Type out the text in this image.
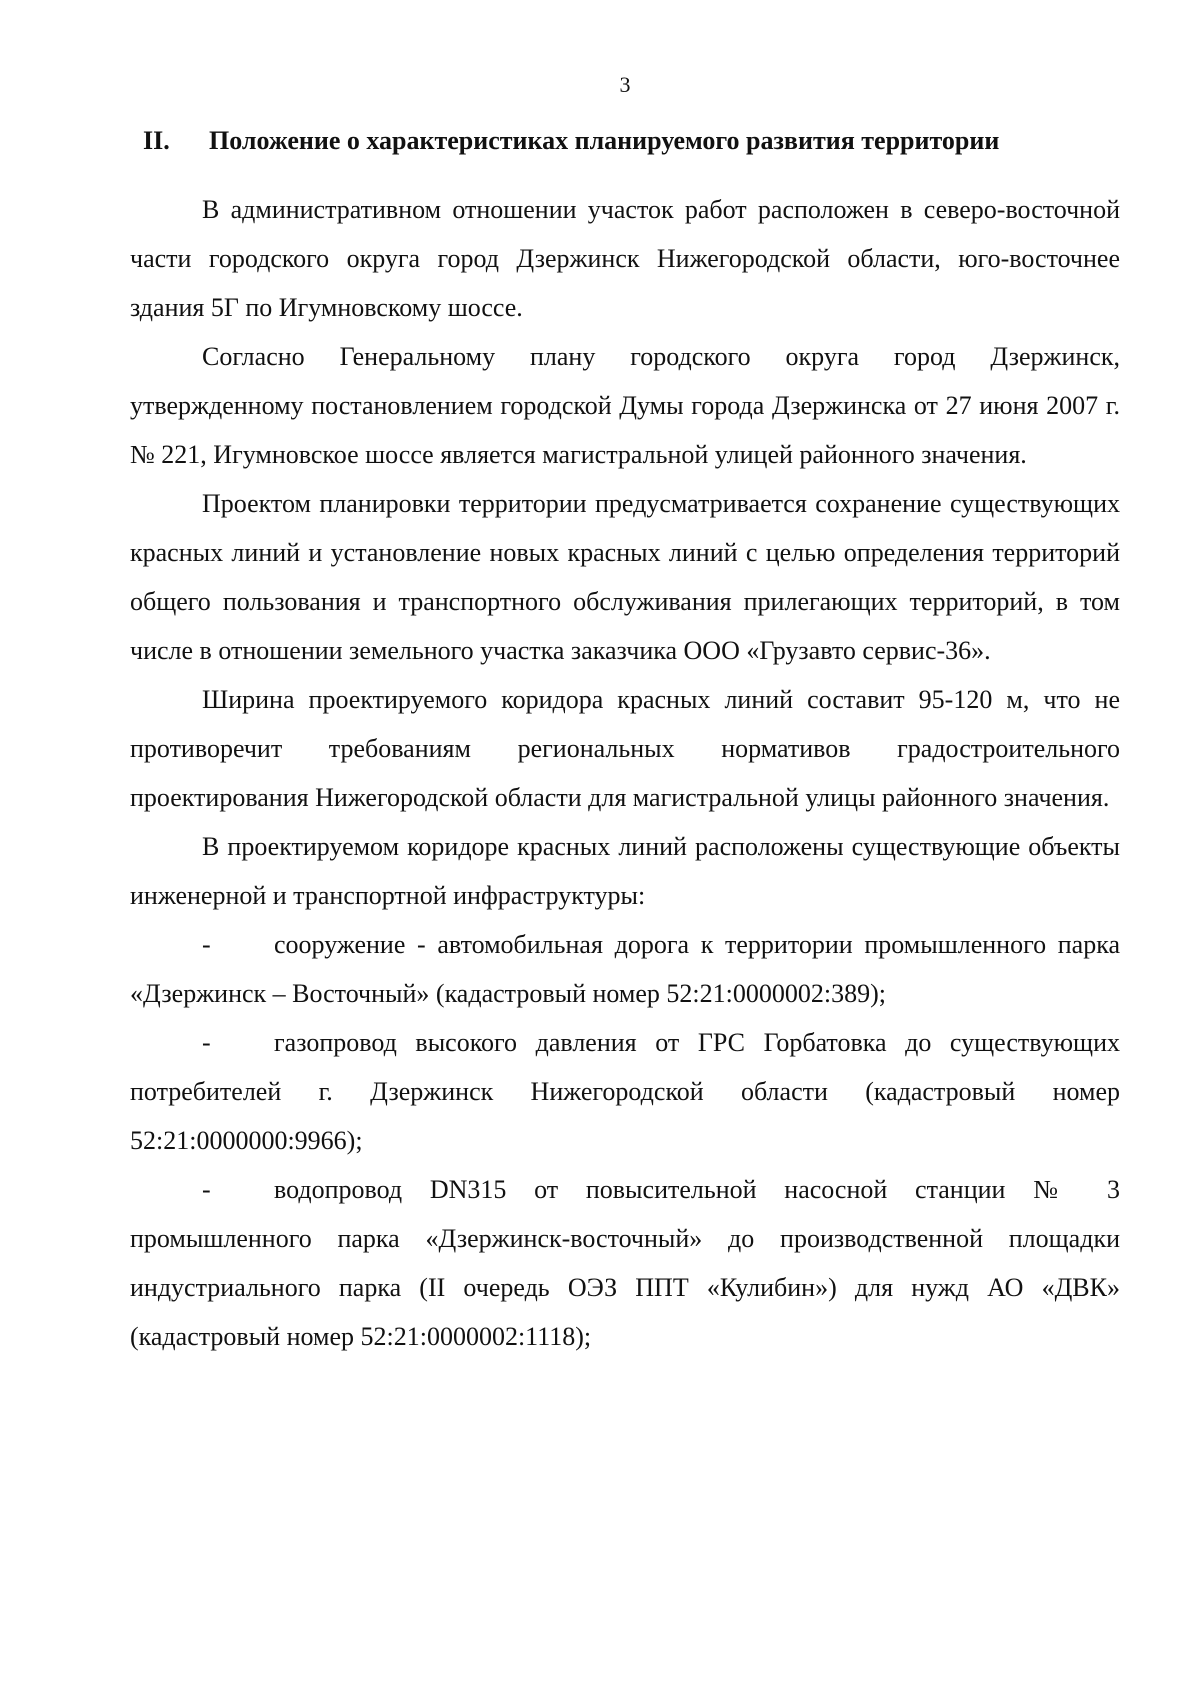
3
II. Положение о характеристиках планируемого развития территории

В административном отношении участок работ расположен в северо-восточной части городского округа город Дзержинск Нижегородской области, юго-восточнее здания 5Г по Игумновскому шоссе.

Согласно Генеральному плану городского округа город Дзержинск, утвержденному постановлением городской Думы города Дзержинска от 27 июня 2007 г. № 221, Игумновское шоссе является магистральной улицей районного значения.

Проектом планировки территории предусматривается сохранение существующих красных линий и установление новых красных линий с целью определения территорий общего пользования и транспортного обслуживания прилегающих территорий, в том числе в отношении земельного участка заказчика ООО «Грузавто сервис-36».

Ширина проектируемого коридора красных линий составит 95-120 м, что не противоречит требованиям региональных нормативов градостроительного проектирования Нижегородской области для магистральной улицы районного значения.

В проектируемом коридоре красных линий расположены существующие объекты инженерной и транспортной инфраструктуры:

- сооружение - автомобильная дорога к территории промышленного парка «Дзержинск – Восточный» (кадастровый номер 52:21:0000002:389);

- газопровод высокого давления от ГРС Горбатовка до существующих потребителей г. Дзержинск Нижегородской области (кадастровый номер 52:21:0000000:9966);

- водопровод DN315 от повысительной насосной станции № 3 промышленного парка «Дзержинск-восточный» до производственной площадки индустриального парка (II очередь ОЭЗ ППТ «Кулибин») для нужд АО «ДВК» (кадастровый номер 52:21:0000002:1118);
